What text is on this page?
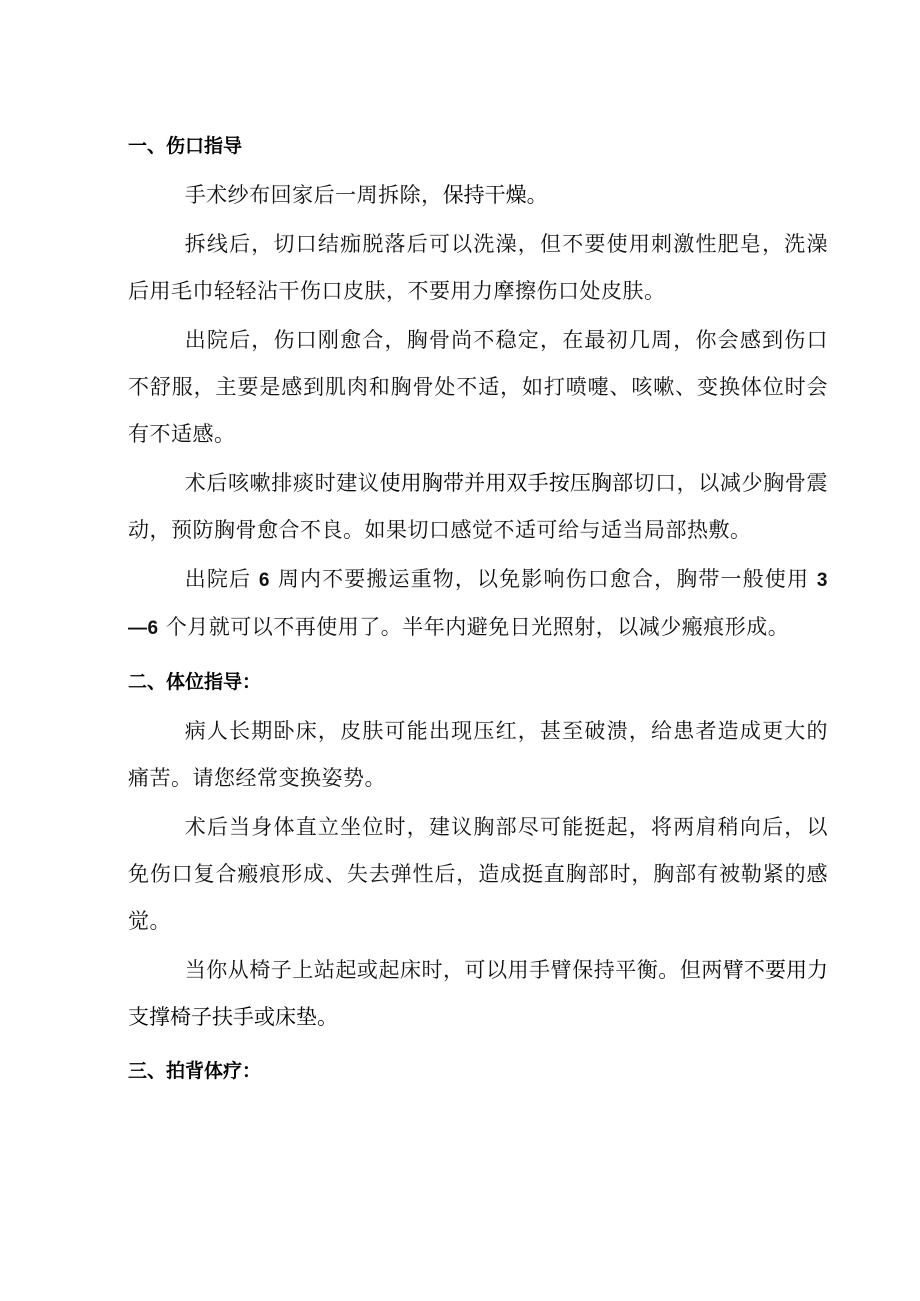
一、伤口指导

手术纱布回家后一周拆除，保持干燥。

拆线后，切口结痂脱落后可以洗澡，但不要使用刺激性肥皂，洗澡后用毛巾轻轻沾干伤口皮肤，不要用力摩擦伤口处皮肤。

出院后，伤口刚愈合，胸骨尚不稳定，在最初几周，你会感到伤口不舒服，主要是感到肌肉和胸骨处不适，如打喷嚏、咳嗽、变换体位时会有不适感。

术后咳嗽排痰时建议使用胸带并用双手按压胸部切口，以减少胸骨震动，预防胸骨愈合不良。如果切口感觉不适可给与适当局部热敷。

出院后 6 周内不要搬运重物，以免影响伤口愈合，胸带一般使用 3—6 个月就可以不再使用了。半年内避免日光照射，以减少瘢痕形成。

二、体位指导：

病人长期卧床，皮肤可能出现压红，甚至破溃，给患者造成更大的痛苦。请您经常变换姿势。

术后当身体直立坐位时，建议胸部尽可能挺起，将两肩稍向后，以免伤口复合瘢痕形成、失去弹性后，造成挺直胸部时，胸部有被勒紧的感觉。

当你从椅子上站起或起床时，可以用手臂保持平衡。但两臂不要用力支撑椅子扶手或床垫。

三、拍背体疗：
